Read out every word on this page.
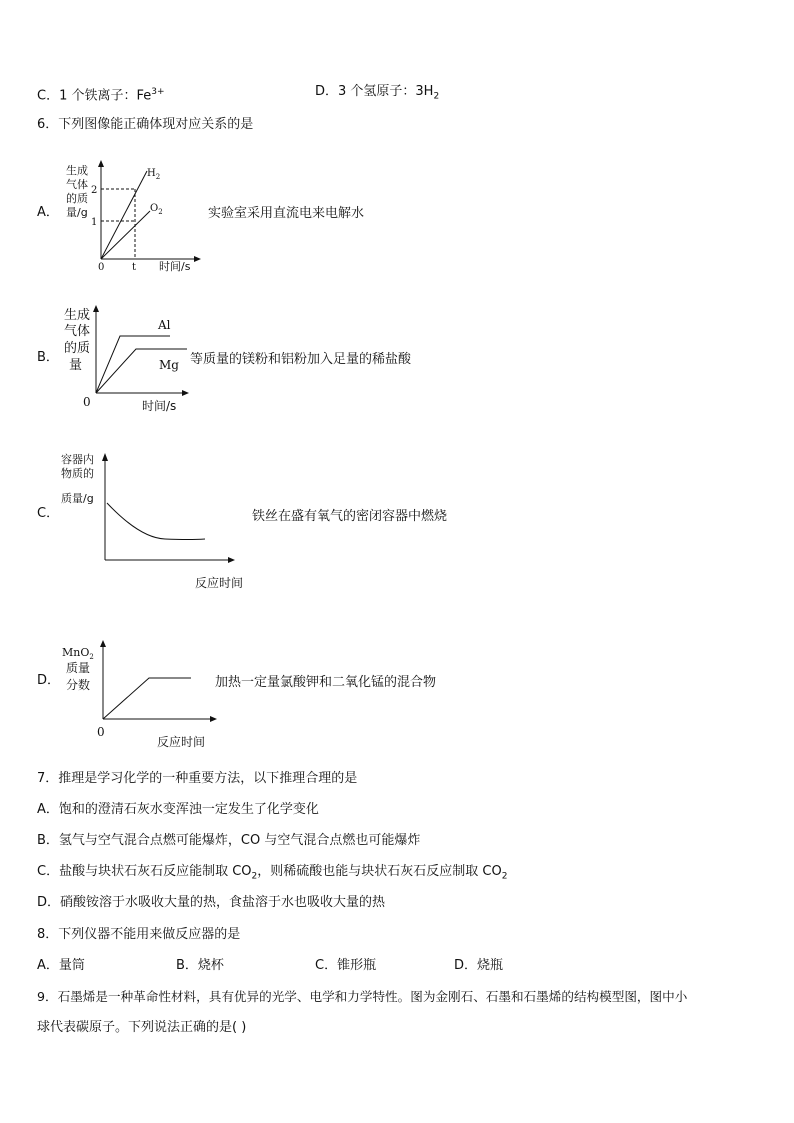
C．1 个铁离子：$Fe^{3+}$	D．3 个氢原子：$3H_2$
6．下列图像能正确体现对应关系的是
A．
生成
气体
的质
量/g
2
1
0	t 时间/s
$H_2$
$O_2$	实验室采用直流电来电解水
B．
生成
气体
的质
量
0	时间/s
Al
Mg 等质量的镁粉和铝粉加入足量的稀盐酸
C．
容器内
物质的
质量/g
反应时间
铁丝在盛有氧气的密闭容器中燃烧
D．
MnO$_2$
质量
分数
0
反应时间
加热一定量氯酸钾和二氧化锰的混合物
7．推理是学习化学的一种重要方法，以下推理合理的是
A．饱和的澄清石灰水变浑浊一定发生了化学变化
B．氢气与空气混合点燃可能爆炸，CO 与空气混合点燃也可能爆炸
C．盐酸与块状石灰石反应能制取 $CO_2$，则稀硫酸也能与块状石灰石反应制取 $CO_2$
D．硝酸铵溶于水吸收大量的热，食盐溶于水也吸收大量的热
8．下列仪器不能用来做反应器的是
A．量筒	B．烧杯	C．锥形瓶	D．烧瓶
9．石墨烯是一种革命性材料，具有优异的光学、电学和力学特性。图为金刚石、石墨和石墨烯的结构模型图，图中小
球代表碳原子。下列说法正确的是( )
